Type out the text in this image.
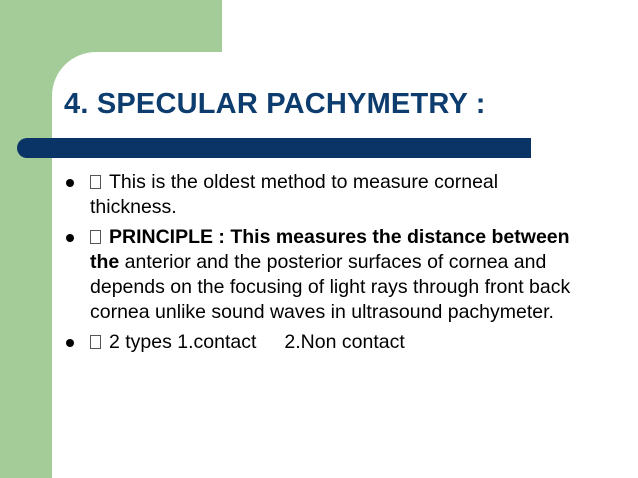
4. SPECULAR PACHYMETRY :
This is the oldest method to measure corneal thickness.
PRINCIPLE : This measures the distance between the anterior and the posterior surfaces of cornea and depends on the focusing of light rays through front back cornea unlike sound waves in ultrasound pachymeter.
2 types 1.contact 2.Non contact
